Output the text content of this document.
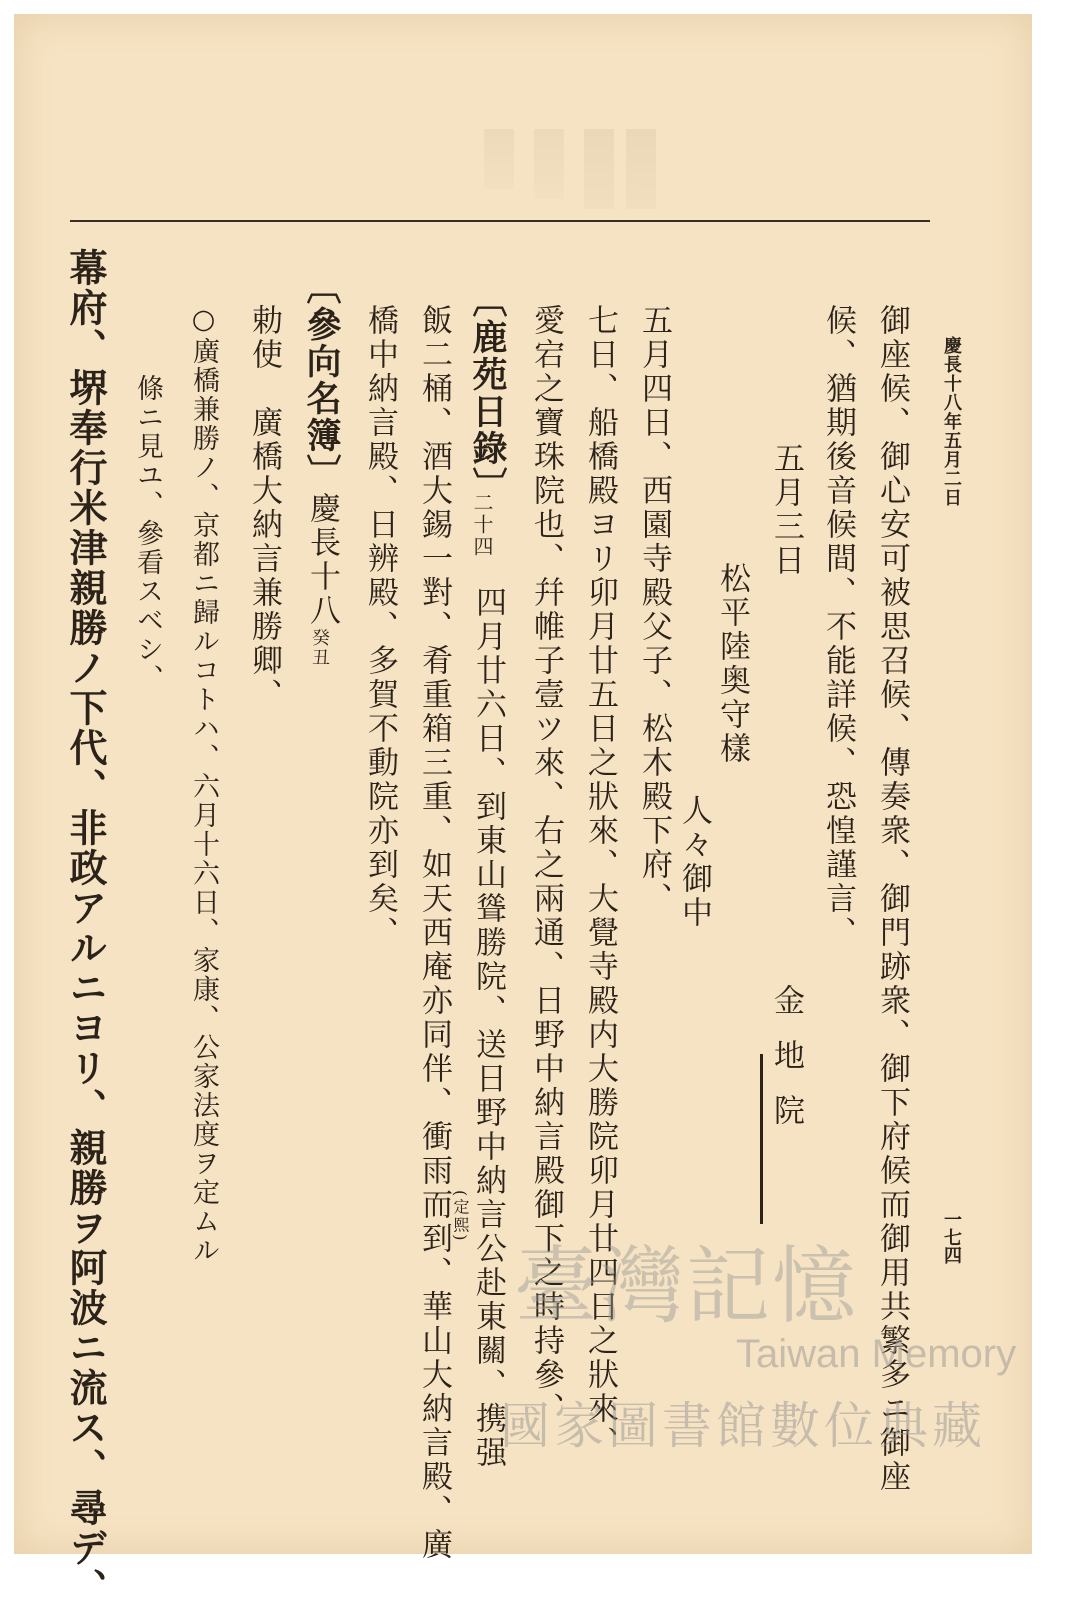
慶長十八年五月二日
一七四
御座候、御心安可被思召候、傳奏衆、御門跡衆、御下府候而御用共繁多ニ御座
候、猶期後音候間、不能詳候、恐惶謹言、
五月三日
金地院
松平陸奥守樣
人々御中
五月四日、西園寺殿父子、松木殿下府、
七日、船橋殿ヨリ卯月廿五日之狀來、大覺寺殿内大勝院卯月廿四日之狀來、
愛宕之寶珠院也、幷帷子壹ツ來、右之兩通、日野中納言殿御下之時持參、
〔鹿苑日錄〕
二十四
四月廿六日、到東山聳勝院、送日野中納言公赴東關、携强
(定熙)
飯二桶、酒大錫一對、肴重箱三重、如天西庵亦同伴、衝雨而到、華山大納言殿、廣
橋中納言殿、日辨殿、多賀不動院亦到矣、
〔參向名簿〕
慶長十八
癸丑
勅使　廣橋大納言兼勝卿、
○廣橋兼勝ノ、京都ニ歸ルコトハ、六月十六日、家康、公家法度ヲ定ムル
條ニ見ユ、參看スベシ、
幕府、堺奉行米津親勝ノ下代、非政アルニヨリ、親勝ヲ阿波ニ流ス、尋デ、	臺灣記憶
Taiwan Memory
國家圖書館數位典藏
